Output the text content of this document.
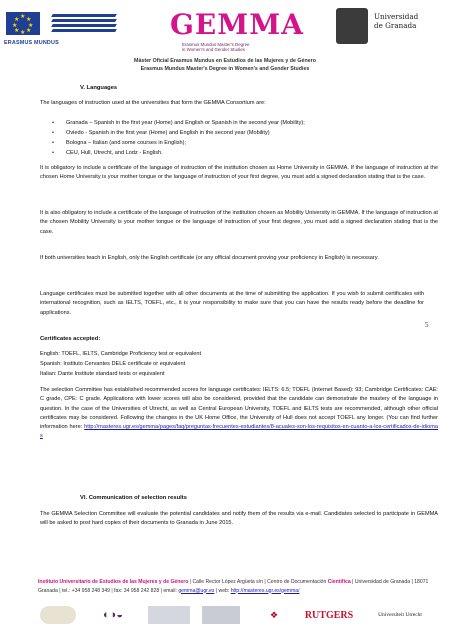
★ ★
★
★
★
★
★
★
ERASMUS MUNDUS
GEMMA
Erasmus Mundus Master's Degree
in Women's and Gender Studies
Universidad
de Granada
Máster Oficial Erasmus Mundus en Estudios de las Mujeres y de Género
Erasmus Mundus Master's Degree in Women's and Gender Studies
V. Languages
The languages of instruction used at the universities that form the GEMMA Consortium are:
• Granada – Spanish in the first year (Home) and English or Spanish in the second year (Mobility);
• Oviedo - Spanish in the first year (Home) and English in the second year (Mobility)
• Bologna – Italian (and some courses in English);
• CEU, Hull, Utrecht, and Lodz - English.
It is obligatory to include a certificate of the language of instruction of the institution chosen as Home University in GEMMA. If the language of instruction at the chosen Home University is your mother tongue or the language of instruction of your first degree, you must add a signed declaration stating that is the case.
It is also obligatory to include a certificate of the language of instruction of the institution chosen as Mobility University in GEMMA. If the language of instruction at the chosen Mobility University is your mother tongue or the language of instruction of your first degree, you must add a signed declaration stating that is the case.
If both universities teach in English, only the English certificate (or any official document proving your proficiency in English) is necessary.
Language certificates must be submitted together with all other documents at the time of submitting the application. If you wish to submit certificates with international recognition, such as IELTS, TOEFL, etc., it is your responsibility to make sure that you can have the results ready before the deadline for applications.
5
Certificates accepted:
English: TOEFL, IELTS, Cambridge Proficiency test or equivalent
Spanish: Instituto Cervantes DELE certificate or equivalent
Italian: Dante Institute standard tests or equivalent
The selection Committee has established recommended scores for language certificates: IELTS: 6.5; TOEFL (Internet Based): 93; Cambridge Certificates: CAE: C grade, CPE: C grade. Applications with lower scores will also be considered, provided that the candidate can demonstrate the mastery of the language in question. In the case of the Universities of Utrecht, as well as Central European University, TOEFL and IELTS tests are recommended, although other official certificates may be considered. Following the changes in the UK Home Office, the University of Hull does not accept TOEFL any longer. (You can find further information here: http://masteres.ugr.es/gemma/pages/faq/preguntas-frecuentes-estudiantes/8-acuales-son-los-requisitos-en-cuanto-a-los-certificados-de-idiomas
VI. Communication of selection results
The GEMMA Selection Committee will evaluate the potential candidates and notify them of the results via e-mail. Candidates selected to participate in GEMMA will be asked to post hard copies of their documents to Granada in June 2015.
Instituto Universitario de Estudios de las Mujeres y de Género | Calle Rector López Argüeta s/n | Centro de Documentación Científica | Universidad de Granada | 18071 Granada | tel.: +34 958 248 349 | fax: 34 958 242 828 | email: gemma@ugr.es | web: http://masteres.ugr.es/gemma/
◐◑◒	❖	RUTGERS	Universiteit Utrecht
